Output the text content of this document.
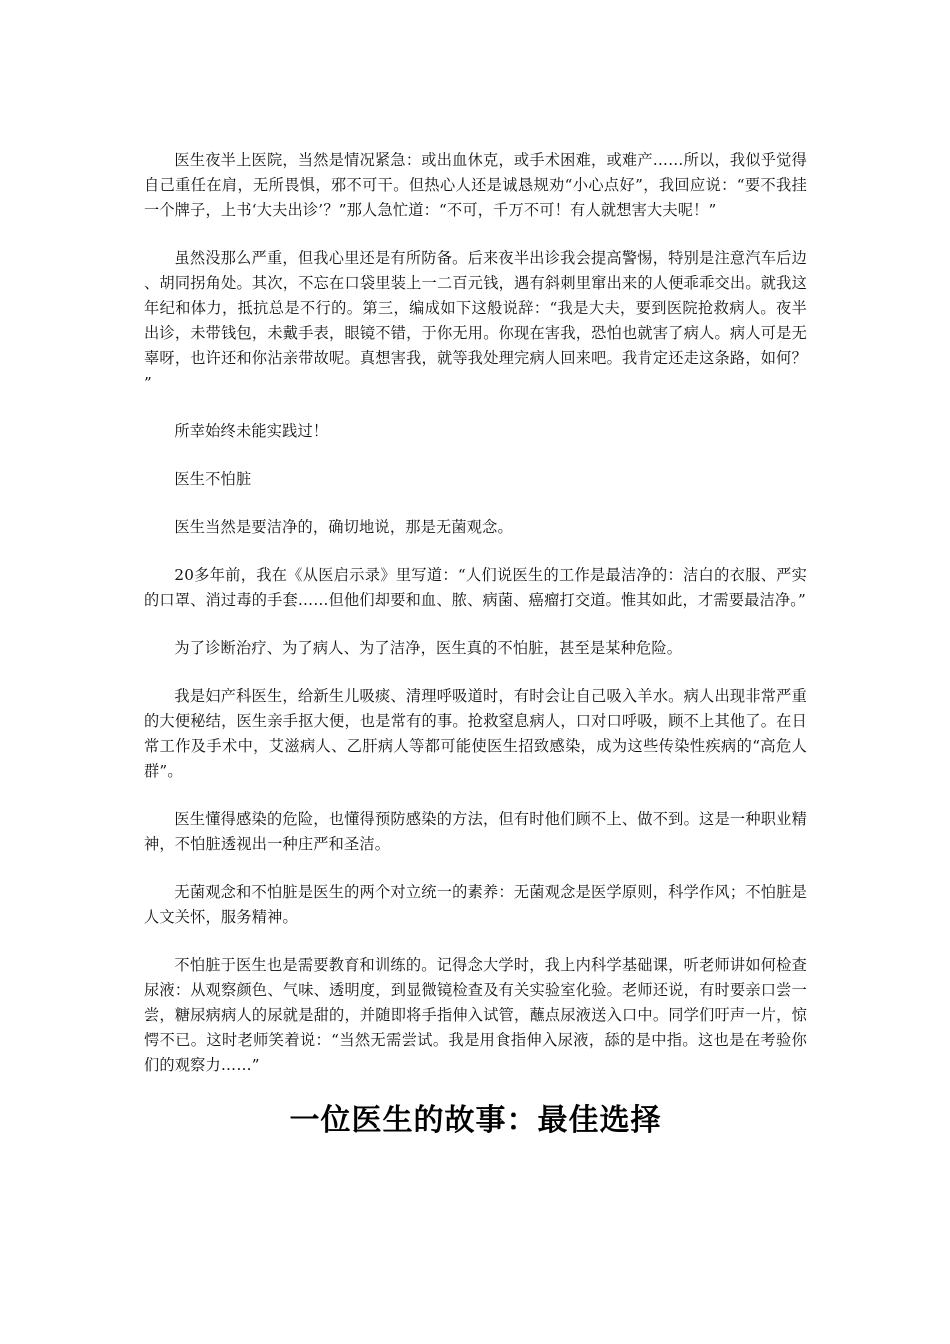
医生夜半上医院，当然是情况紧急：或出血休克，或手术困难，或难产……所以，我似乎觉得自己重任在肩，无所畏惧，邪不可干。但热心人还是诚恳规劝“小心点好”，我回应说：“要不我挂一个牌子，上书‘大夫出诊’？”那人急忙道：“不可，千万不可！有人就想害大夫呢！”

虽然没那么严重，但我心里还是有所防备。后来夜半出诊我会提高警惕，特别是注意汽车后边、胡同拐角处。其次，不忘在口袋里装上一二百元钱，遇有斜刺里窜出来的人便乖乖交出。就我这年纪和体力，抵抗总是不行的。第三，编成如下这般说辞：“我是大夫，要到医院抢救病人。夜半出诊，未带钱包，未戴手表，眼镜不错，于你无用。你现在害我，恐怕也就害了病人。病人可是无辜呀，也许还和你沾亲带故呢。真想害我，就等我处理完病人回来吧。我肯定还走这条路，如何？”

所幸始终未能实践过！

医生不怕脏

医生当然是要洁净的，确切地说，那是无菌观念。

20多年前，我在《从医启示录》里写道：“人们说医生的工作是最洁净的：洁白的衣服、严实的口罩、消过毒的手套……但他们却要和血、脓、病菌、癌瘤打交道。惟其如此，才需要最洁净。”

为了诊断治疗、为了病人、为了洁净，医生真的不怕脏，甚至是某种危险。

我是妇产科医生，给新生儿吸痰、清理呼吸道时，有时会让自己吸入羊水。病人出现非常严重的大便秘结，医生亲手抠大便，也是常有的事。抢救窒息病人，口对口呼吸，顾不上其他了。在日常工作及手术中，艾滋病人、乙肝病人等都可能使医生招致感染，成为这些传染性疾病的“高危人群”。

医生懂得感染的危险，也懂得预防感染的方法，但有时他们顾不上、做不到。这是一种职业精神，不怕脏透视出一种庄严和圣洁。

无菌观念和不怕脏是医生的两个对立统一的素养：无菌观念是医学原则，科学作风；不怕脏是人文关怀，服务精神。

不怕脏于医生也是需要教育和训练的。记得念大学时，我上内科学基础课，听老师讲如何检查尿液：从观察颜色、气味、透明度，到显微镜检查及有关实验室化验。老师还说，有时要亲口尝一尝，糖尿病病人的尿就是甜的，并随即将手指伸入试管，蘸点尿液送入口中。同学们吁声一片，惊愕不已。这时老师笑着说：“当然无需尝试。我是用食指伸入尿液，舔的是中指。这也是在考验你们的观察力……”

一位医生的故事：最佳选择
